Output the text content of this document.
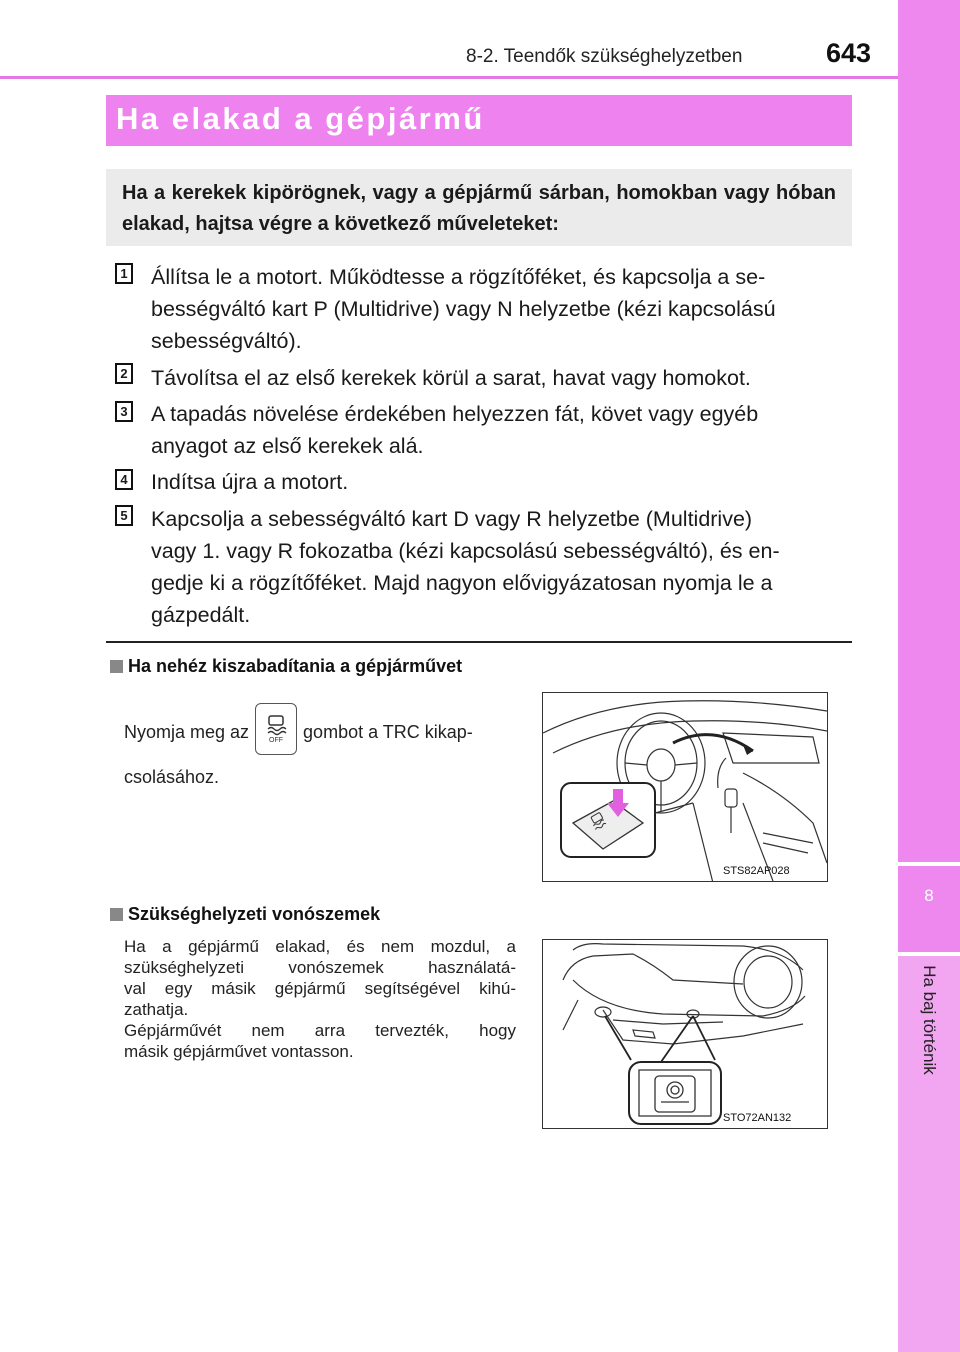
8-2. Teendők szükséghelyzetben	643
8
Ha baj történik
Ha elakad a gépjármű
Ha a kerekek kipörögnek, vagy a gépjármű sárban, homokban vagy hóban elakad, hajtsa végre a következő műveleteket:
1 Állítsa le a motort. Működtesse a rögzítőféket, és kapcsolja a se-
bességváltó kart P (Multidrive) vagy N helyzetbe (kézi kapcsolású
sebességváltó).
2 Távolítsa el az első kerekek körül a sarat, havat vagy homokot.
3 A tapadás növelése érdekében helyezzen fát, követ vagy egyéb
anyagot az első kerekek alá.
4 Indítsa újra a motort.
5 Kapcsolja a sebességváltó kart D vagy R helyzetbe (Multidrive)
vagy 1. vagy R fokozatba (kézi kapcsolású sebességváltó), és en-
gedje ki a rögzítőféket. Majd nagyon elővigyázatosan nyomja le a
gázpedált.
Ha nehéz kiszabadítania a gépjárművet
Nyomja meg az	OFF gombot a TRC kikap-
csolásához.
STS82AP028
Szükséghelyzeti vonószemek
Ha a gépjármű elakad, és nem mozdul, a
szükséghelyzeti vonószemek használatá-
val egy másik gépjármű segítségével kihú-
zathatja.
Gépjárművét nem arra tervezték, hogy
másik gépjárművet vontasson.
STO72AN132
